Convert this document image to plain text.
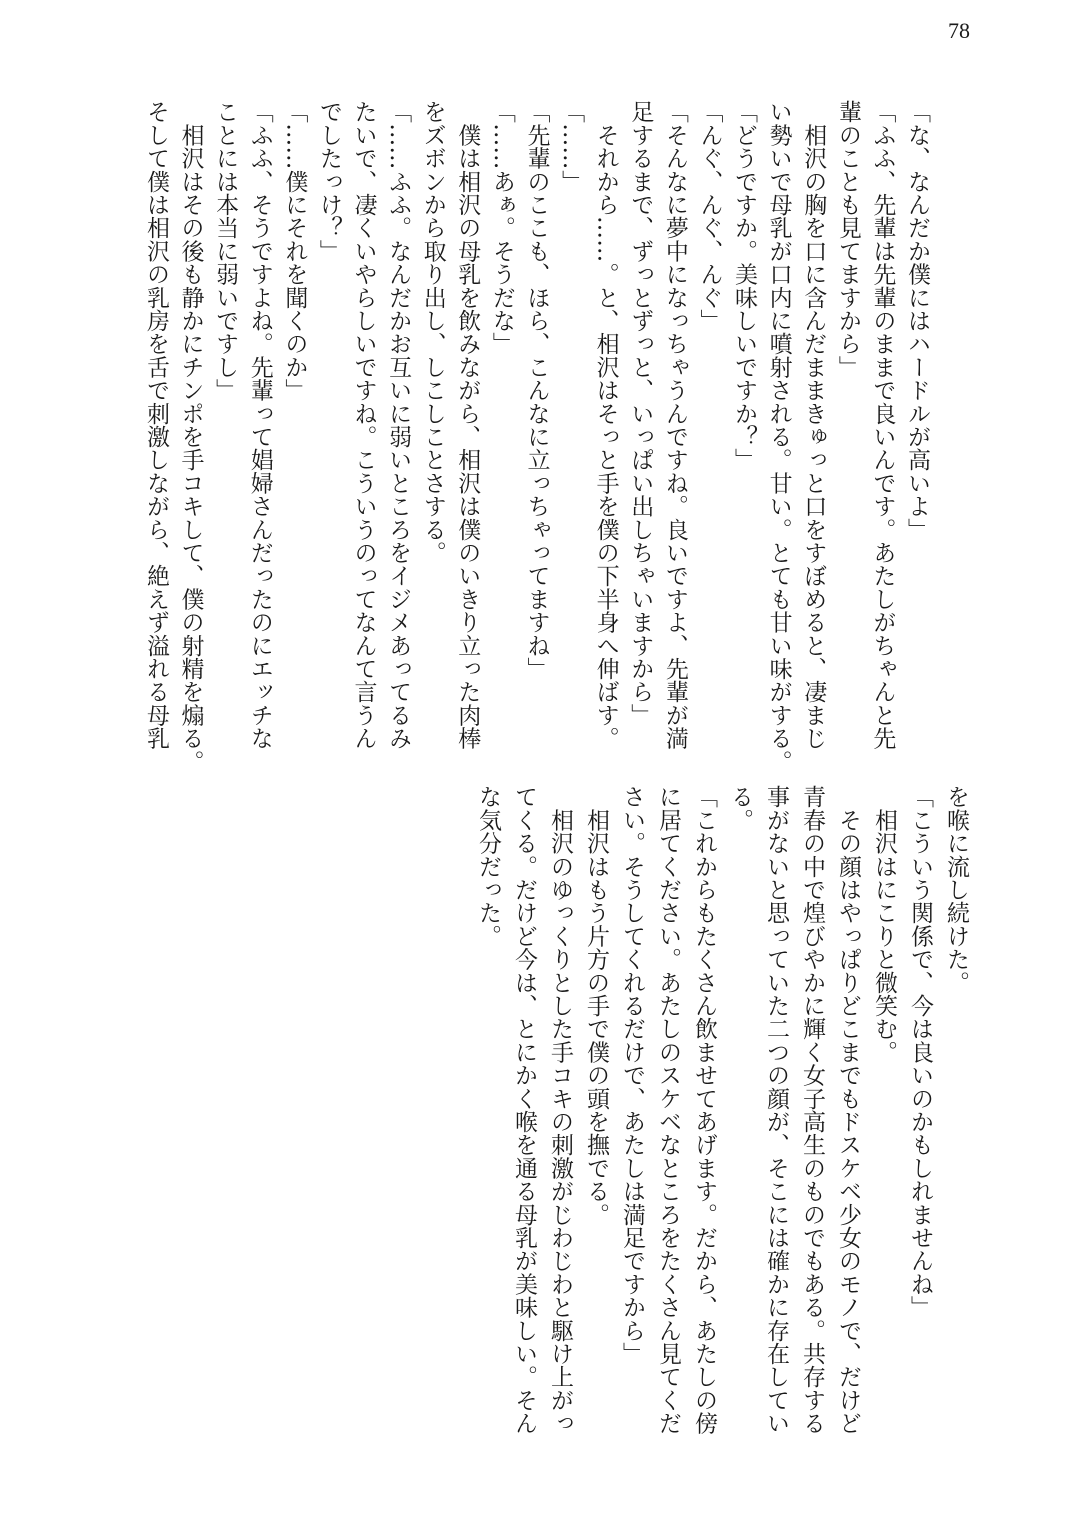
78

「な、なんだか僕にはハードルが高いよ」

「ふふ、先輩は先輩のままで良いんです。あたしがちゃんと先

輩のことも見てますから」

　相沢の胸を口に含んだままきゅっと口をすぼめると、凄まじ

い勢いで母乳が口内に噴射される。甘い。とても甘い味がする。

「どうですか。美味しいですか？」

「んぐ、んぐ、んぐ」

「そんなに夢中になっちゃうんですね。良いですよ、先輩が満

足するまで、ずっとずっと、いっぱい出しちゃいますから」

　それから……。と、相沢はそっと手を僕の下半身へ伸ばす。

「……」

「先輩のここも、ほら、こんなに立っちゃってますね」

「……あぁ。そうだな」

　僕は相沢の母乳を飲みながら、相沢は僕のいきり立った肉棒

をズボンから取り出し、しこしことさする。

「……ふふ。なんだかお互いに弱いところをイジメあってるみ

たいで、凄くいやらしいですね。こういうのってなんて言うん

でしたっけ？」

「……僕にそれを聞くのか」

「ふふ、そうですよね。先輩って娼婦さんだったのにエッチな

ことには本当に弱いですし」

　相沢はその後も静かにチンポを手コキして、僕の射精を煽る。

そして僕は相沢の乳房を舌で刺激しながら、絶えず溢れる母乳

を喉に流し続けた。

「こういう関係で、今は良いのかもしれませんね」

　相沢はにこりと微笑む。

　その顔はやっぱりどこまでもドスケベ少女のモノで、だけど

青春の中で煌びやかに輝く女子高生のものでもある。共存する

事がないと思っていた二つの顔が、そこには確かに存在してい

る。

「これからもたくさん飲ませてあげます。だから、あたしの傍

に居てください。あたしのスケベなところをたくさん見てくだ

さい。そうしてくれるだけで、あたしは満足ですから」

　相沢はもう片方の手で僕の頭を撫でる。

　相沢のゆっくりとした手コキの刺激がじわじわと駆け上がっ

てくる。だけど今は、とにかく喉を通る母乳が美味しい。そん

な気分だった。
